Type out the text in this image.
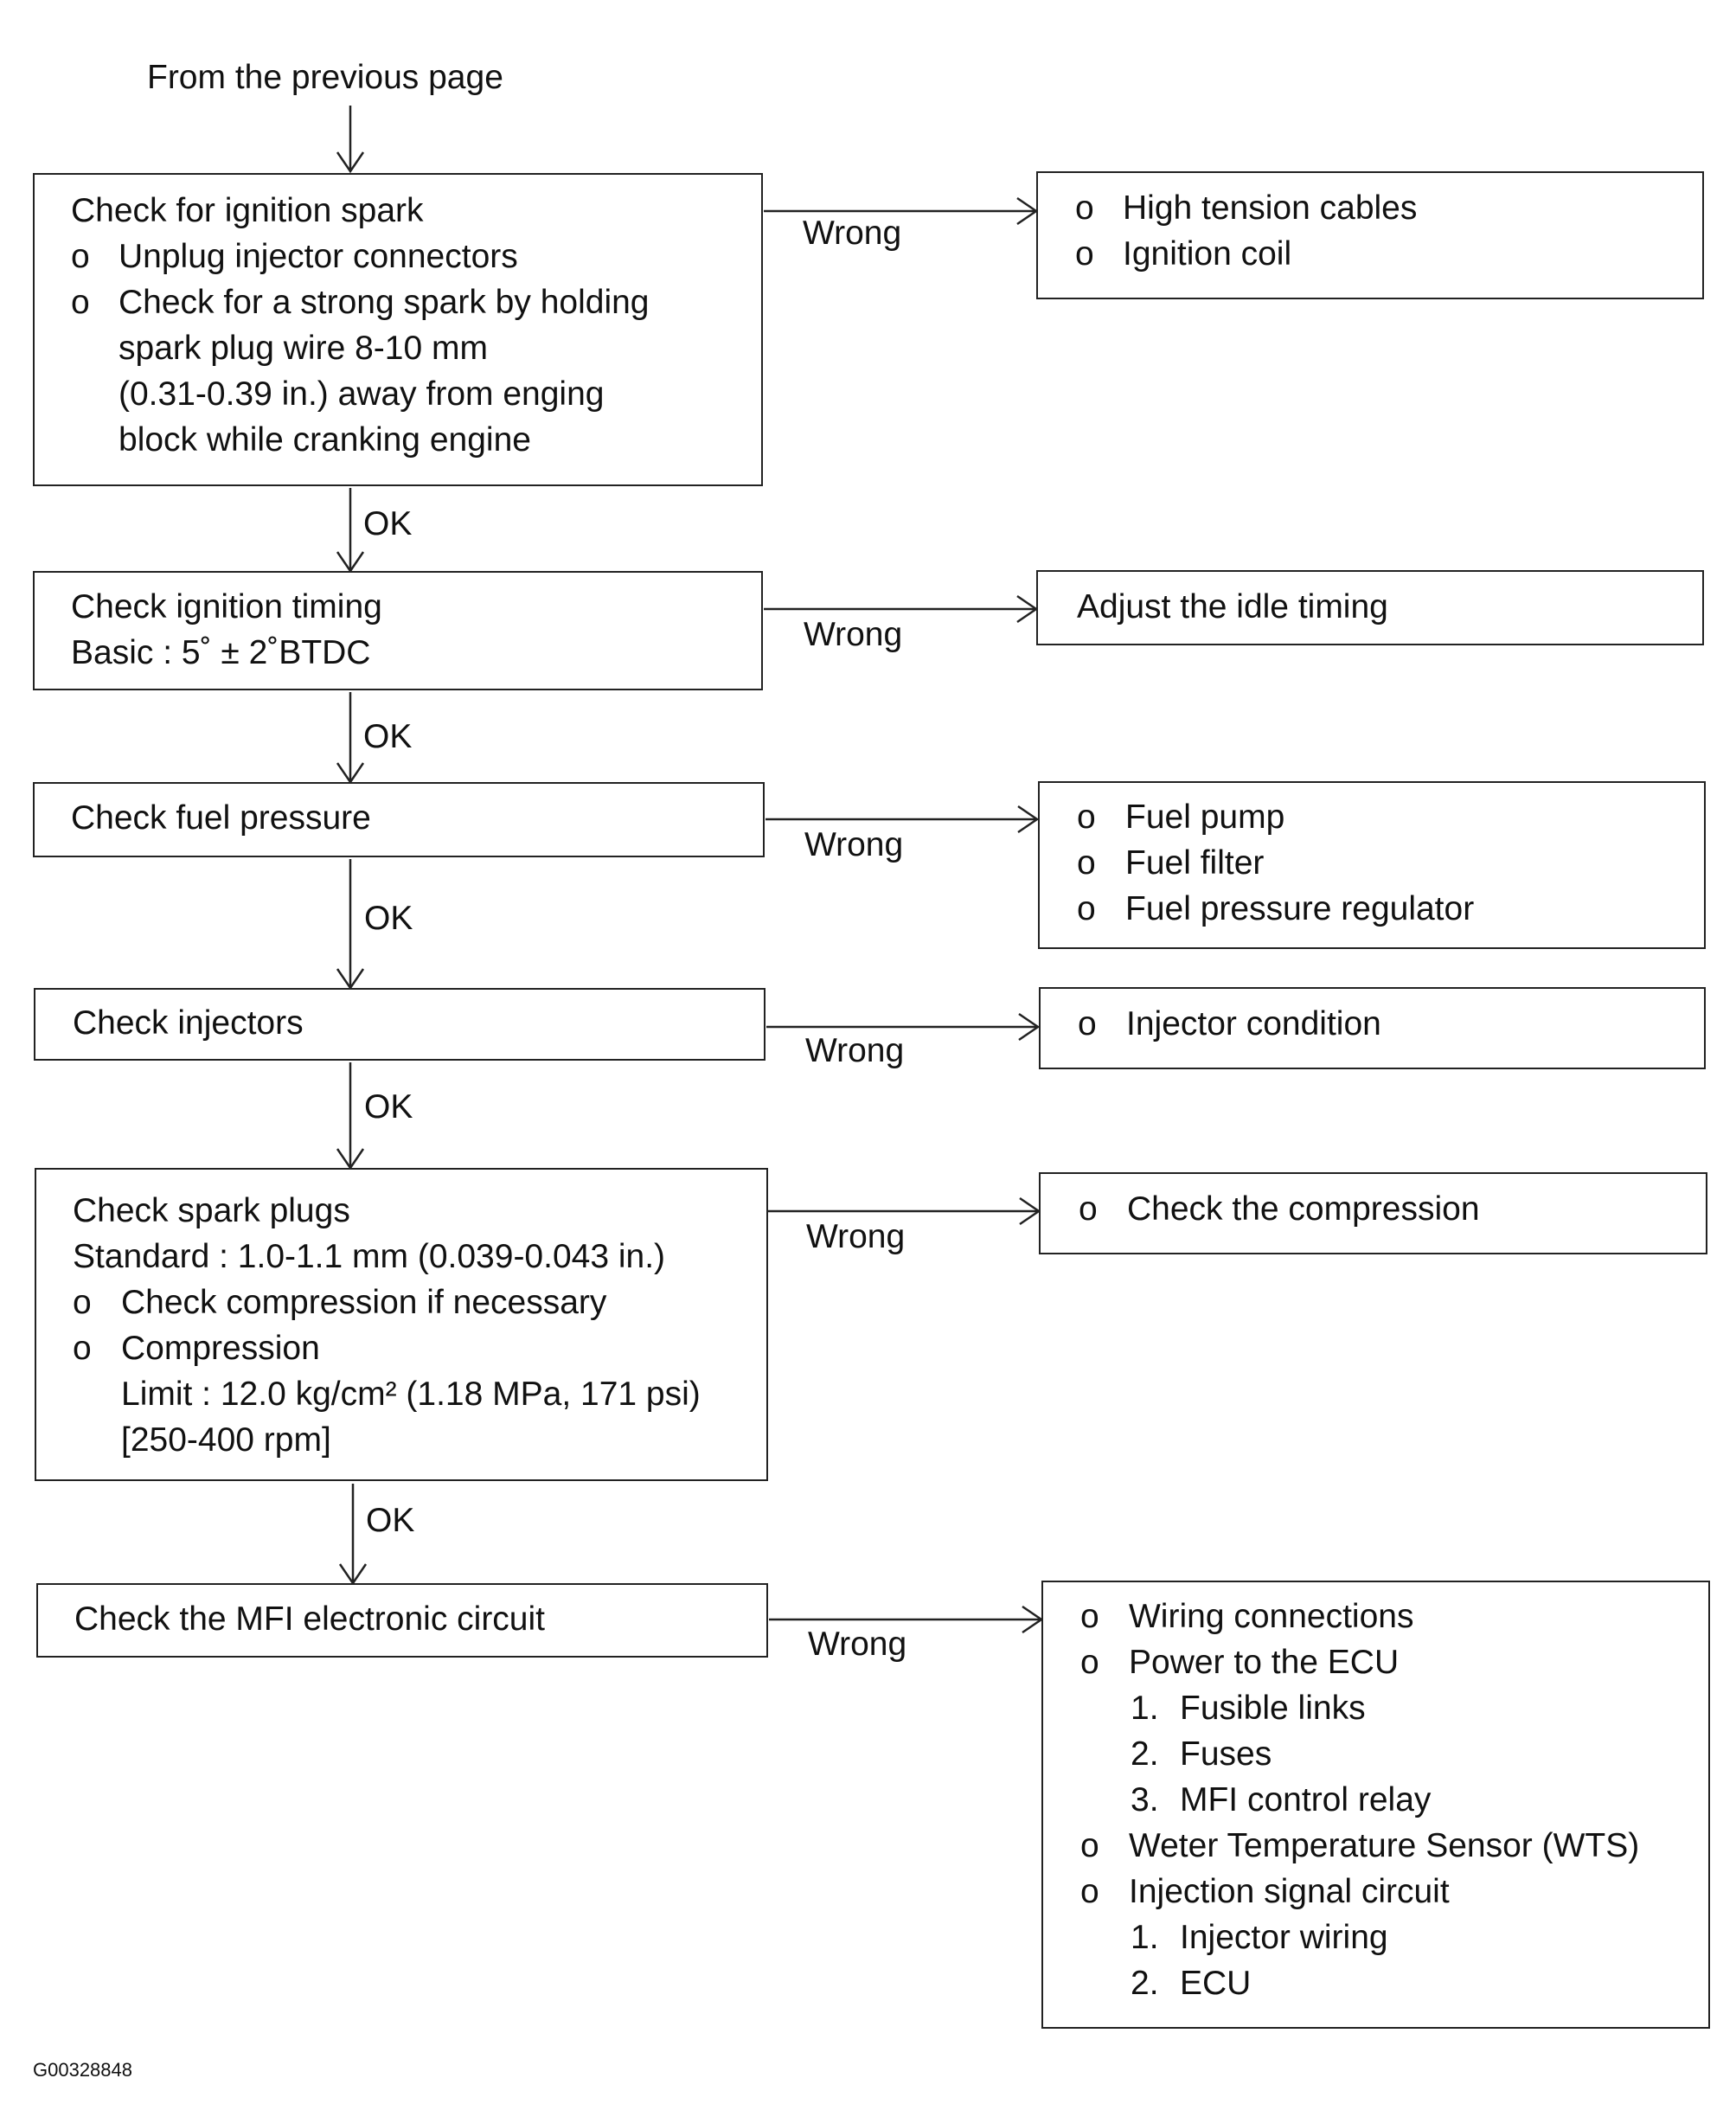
From the previous page
OK
OK
OK
OK
OK
Wrong
Wrong
Wrong
Wrong
Wrong
Wrong
Check for ignition spark
o Unplug injector connectors
o Check for a strong spark by holding
spark plug wire 8-10 mm
(0.31-0.39 in.) away from enging
block while cranking engine
Check ignition timing
Basic : 5˚ ± 2˚BTDC
Check fuel pressure
Check injectors
Check spark plugs
Standard : 1.0-1.1 mm (0.039-0.043 in.)
o Check compression if necessary
o Compression
Limit : 12.0 kg/cm² (1.18 MPa, 171 psi)
[250-400 rpm]
Check the MFI electronic circuit
o High tension cables
o Ignition coil
Adjust the idle timing
o Fuel pump
o Fuel filter
o Fuel pressure regulator
o Injector condition
o Check the compression
o Wiring connections
o Power to the ECU
1. Fusible links
2. Fuses
3. MFI control relay
o Weter Temperature Sensor (WTS)
o Injection signal circuit
1. Injector wiring
2. ECU
G00328848
